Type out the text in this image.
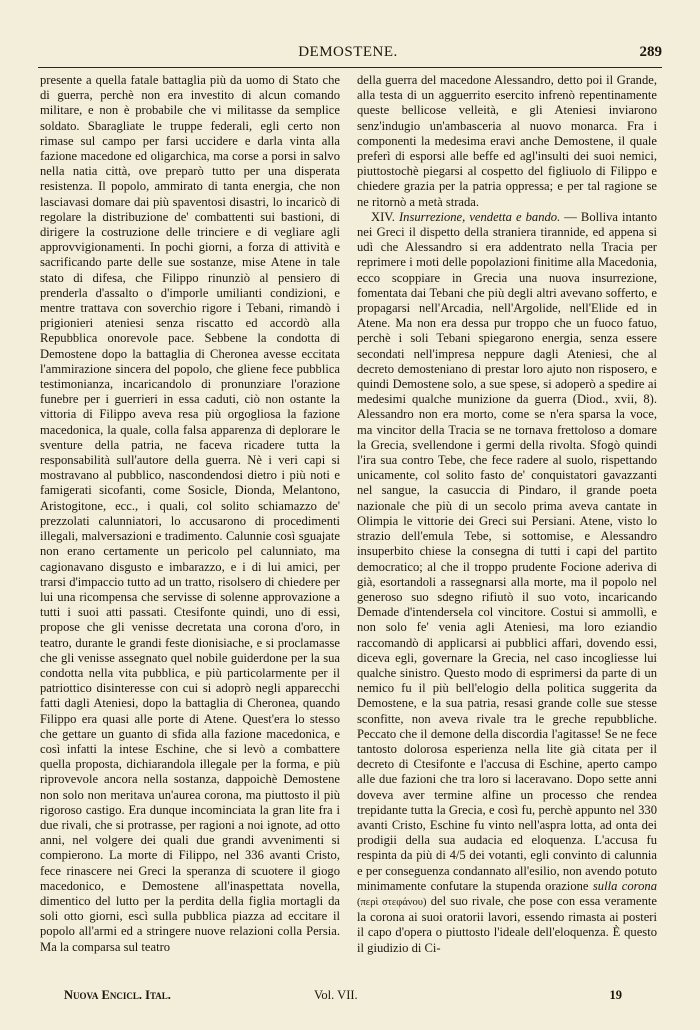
DEMOSTENE.	289

presente a quella fatale battaglia più da uomo di Stato che di guerra, perchè non era investito di alcun comando militare, e non è probabile che vi militasse da semplice soldato. Sbaragliate le truppe federali, egli certo non rimase sul campo per farsi uccidere e darla vinta alla fazione macedone ed oligarchica, ma corse a porsi in salvo nella natia città, ove preparò tutto per una disperata resistenza. Il popolo, ammirato di tanta energia, che non lasciavasi domare dai più spaventosi disastri, lo incaricò di regolare la distribuzione de' combattenti sui bastioni, di dirigere la costruzione delle trinciere e di vegliare agli approvvigionamenti. In pochi giorni, a forza di attività e sacrificando parte delle sue sostanze, mise Atene in tale stato di difesa, che Filippo rinunziò al pensiero di prenderla d'assalto o d'imporle umilianti condizioni, e mentre trattava con soverchio rigore i Tebani, rimandò i prigionieri ateniesi senza riscatto ed accordò alla Repubblica onorevole pace. Sebbene la condotta di Demostene dopo la battaglia di Cheronea avesse eccitata l'ammirazione sincera del popolo, che gliene fece pubblica testimonianza, incaricandolo di pronunziare l'orazione funebre per i guerrieri in essa caduti, ciò non ostante la vittoria di Filippo aveva resa più orgogliosa la fazione macedonica, la quale, colla falsa apparenza di deplorare le sventure della patria, ne faceva ricadere tutta la responsabilità sull'autore della guerra. Nè i veri capi si mostravano al pubblico, nascondendosi dietro i più noti e famigerati sicofanti, come Sosicle, Dionda, Melantono, Aristogitone, ecc., i quali, col solito schiamazzo de' prezzolati calunniatori, lo accusarono di procedimenti illegali, malversazioni e tradimento. Calunnie così sguajate non erano certamente un pericolo pel calunniato, ma cagionavano disgusto e imbarazzo, e i di lui amici, per trarsi d'impaccio tutto ad un tratto, risolsero di chiedere per lui una ricompensa che servisse di solenne approvazione a tutti i suoi atti passati. Ctesifonte quindi, uno di essi, propose che gli venisse decretata una corona d'oro, in teatro, durante le grandi feste dionisiache, e si proclamasse che gli venisse assegnato quel nobile guiderdone per la sua condotta nella vita pubblica, e più particolarmente per il patriottico disinteresse con cui si adoprò negli apparecchi fatti dagli Ateniesi, dopo la battaglia di Cheronea, quando Filippo era quasi alle porte di Atene. Quest'era lo stesso che gettare un guanto di sfida alla fazione macedonica, e così infatti la intese Eschine, che si levò a combattere quella proposta, dichiarandola illegale per la forma, e più riprovevole ancora nella sostanza, dappoichè Demostene non solo non meritava un'aurea corona, ma piuttosto il più rigoroso castigo. Era dunque incominciata la gran lite fra i due rivali, che si protrasse, per ragioni a noi ignote, ad otto anni, nel volgere dei quali due grandi avvenimenti si compierono. La morte di Filippo, nel 336 avanti Cristo, fece rinascere nei Greci la speranza di scuotere il giogo macedonico, e Demostene all'inaspettata novella, dimentico del lutto per la perdita della figlia mortagli da soli otto giorni, escì sulla pubblica piazza ad eccitare il popolo all'armi ed a stringere nuove relazioni colla Persia. Ma la comparsa sul teatro

della guerra del macedone Alessandro, detto poi il Grande, alla testa di un agguerrito esercito infrenò repentinamente queste bellicose velleità, e gli Ateniesi inviarono senz'indugio un'ambasceria al nuovo monarca. Fra i componenti la medesima eravi anche Demostene, il quale preferì di esporsi alle beffe ed agl'insulti dei suoi nemici, piuttostochè piegarsi al cospetto del figliuolo di Filippo e chiedere grazia per la patria oppressa; e per tal ragione se ne ritornò a metà strada.

XIV. Insurrezione, vendetta e bando. — Bolliva intanto nei Greci il dispetto della straniera tirannide, ed appena si udì che Alessandro si era addentrato nella Tracia per reprimere i moti delle popolazioni finitime alla Macedonia, ecco scoppiare in Grecia una nuova insurrezione, fomentata dai Tebani che più degli altri avevano sofferto, e propagarsi nell'Arcadia, nell'Argolide, nell'Elide ed in Atene. Ma non era dessa pur troppo che un fuoco fatuo, perchè i soli Tebani spiegarono energia, senza essere secondati nell'impresa neppure dagli Ateniesi, che al decreto demosteniano di prestar loro ajuto non risposero, e quindi Demostene solo, a sue spese, si adoperò a spedire ai medesimi qualche munizione da guerra (Diod., xvii, 8). Alessandro non era morto, come se n'era sparsa la voce, ma vincitor della Tracia se ne tornava frettoloso a domare la Grecia, svellendone i germi della rivolta. Sfogò quindi l'ira sua contro Tebe, che fece radere al suolo, rispettando unicamente, col solito fasto de' conquistatori gavazzanti nel sangue, la casuccia di Pindaro, il grande poeta nazionale che più di un secolo prima aveva cantate in Olimpia le vittorie dei Greci sui Persiani. Atene, visto lo strazio dell'emula Tebe, si sottomise, e Alessandro insuperbito chiese la consegna di tutti i capi del partito democratico; al che il troppo prudente Focione aderiva di già, esortandoli a rassegnarsi alla morte, ma il popolo nel generoso suo sdegno rifiutò il suo voto, incaricando Demade d'intendersela col vincitore. Costui si ammollì, e non solo fe' venia agli Ateniesi, ma loro eziandio raccomandò di applicarsi ai pubblici affari, dovendo essi, diceva egli, governare la Grecia, nel caso incogliesse lui qualche sinistro. Questo modo di esprimersi da parte di un nemico fu il più bell'elogio della politica suggerita da Demostene, e la sua patria, resasi grande colle sue stesse sconfitte, non aveva rivale tra le greche repubbliche. Peccato che il demone della discordia l'agitasse! Se ne fece tantosto dolorosa esperienza nella lite già citata per il decreto di Ctesifonte e l'accusa di Eschine, aperto campo alle due fazioni che tra loro si laceravano. Dopo sette anni doveva aver termine alfine un processo che rendea trepidante tutta la Grecia, e così fu, perchè appunto nel 330 avanti Cristo, Eschine fu vinto nell'aspra lotta, ad onta dei prodigii della sua audacia ed eloquenza. L'accusa fu respinta da più di 4/5 dei votanti, egli convinto di calunnia e per conseguenza condannato all'esilio, non avendo potuto minimamente confutare la stupenda orazione sulla corona (περὶ στεφάνου) del suo rivale, che pose con essa veramente la corona ai suoi oratorii lavori, essendo rimasta ai posteri il capo d'opera o piuttosto l'ideale dell'eloquenza. È questo il giudizio di Ci-

Nuova Encicl. Ital.	Vol. VII.	19
